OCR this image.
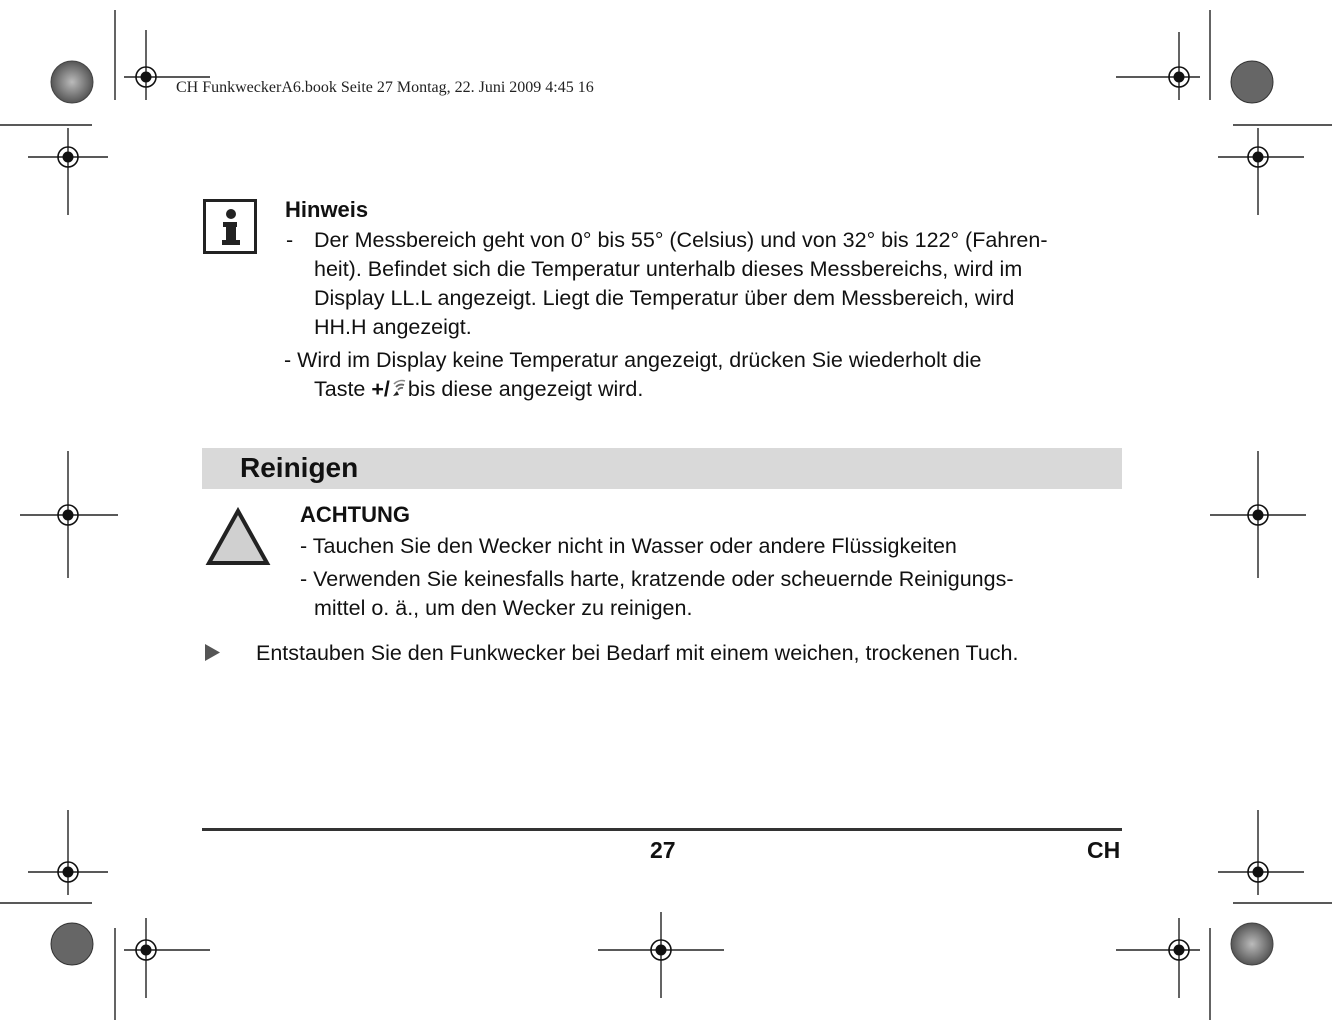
CH FunkweckerA6.book Seite 27 Montag, 22. Juni 2009 4:45 16
Hinweis
- Der Messbereich geht von 0° bis 55° (Celsius) und von 32° bis 122° (Fahren-
heit). Befindet sich die Temperatur unterhalb dieses Messbereichs, wird im
Display LL.L angezeigt. Liegt die Temperatur über dem Messbereich, wird
HH.H angezeigt.
- Wird im Display keine Temperatur angezeigt, drücken Sie wiederholt die
Taste +/ bis diese angezeigt wird.
Reinigen
ACHTUNG
- Tauchen Sie den Wecker nicht in Wasser oder andere Flüssigkeiten
- Verwenden Sie keinesfalls harte, kratzende oder scheuernde Reinigungs-
mittel o. ä., um den Wecker zu reinigen.
Entstauben Sie den Funkwecker bei Bedarf mit einem weichen, trockenen Tuch.
27	CH
